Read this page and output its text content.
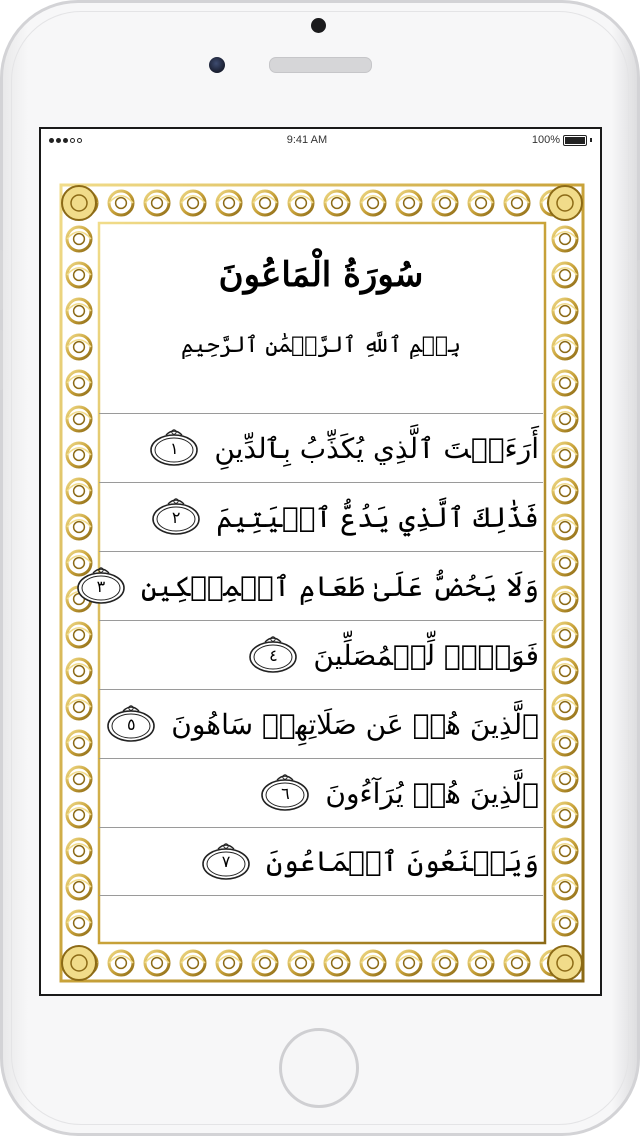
9:41 AM	100%
سُورَةُ الْمَاعُونَ
بِسۡمِ ٱللَّهِ ٱلرَّحۡمَٰنِ ٱلرَّحِيمِ
١	أَرَءَيۡتَ ٱلَّذِي يُكَذِّبُ بِٱلدِّينِ
٢	فَذَٰلِكَ ٱلَّذِي يَدُعُّ ٱلۡيَتِيمَ
٣	وَلَا يَحُضُّ عَلَىٰ طَعَامِ ٱلۡمِسۡكِينِ
٤	فَوَيۡلٞ لِّلۡمُصَلِّينَ
٥	ٱلَّذِينَ هُمۡ عَن صَلَاتِهِمۡ سَاهُونَ
٦	ٱلَّذِينَ هُمۡ يُرَآءُونَ
٧	وَيَمۡنَعُونَ ٱلۡمَاعُونَ
